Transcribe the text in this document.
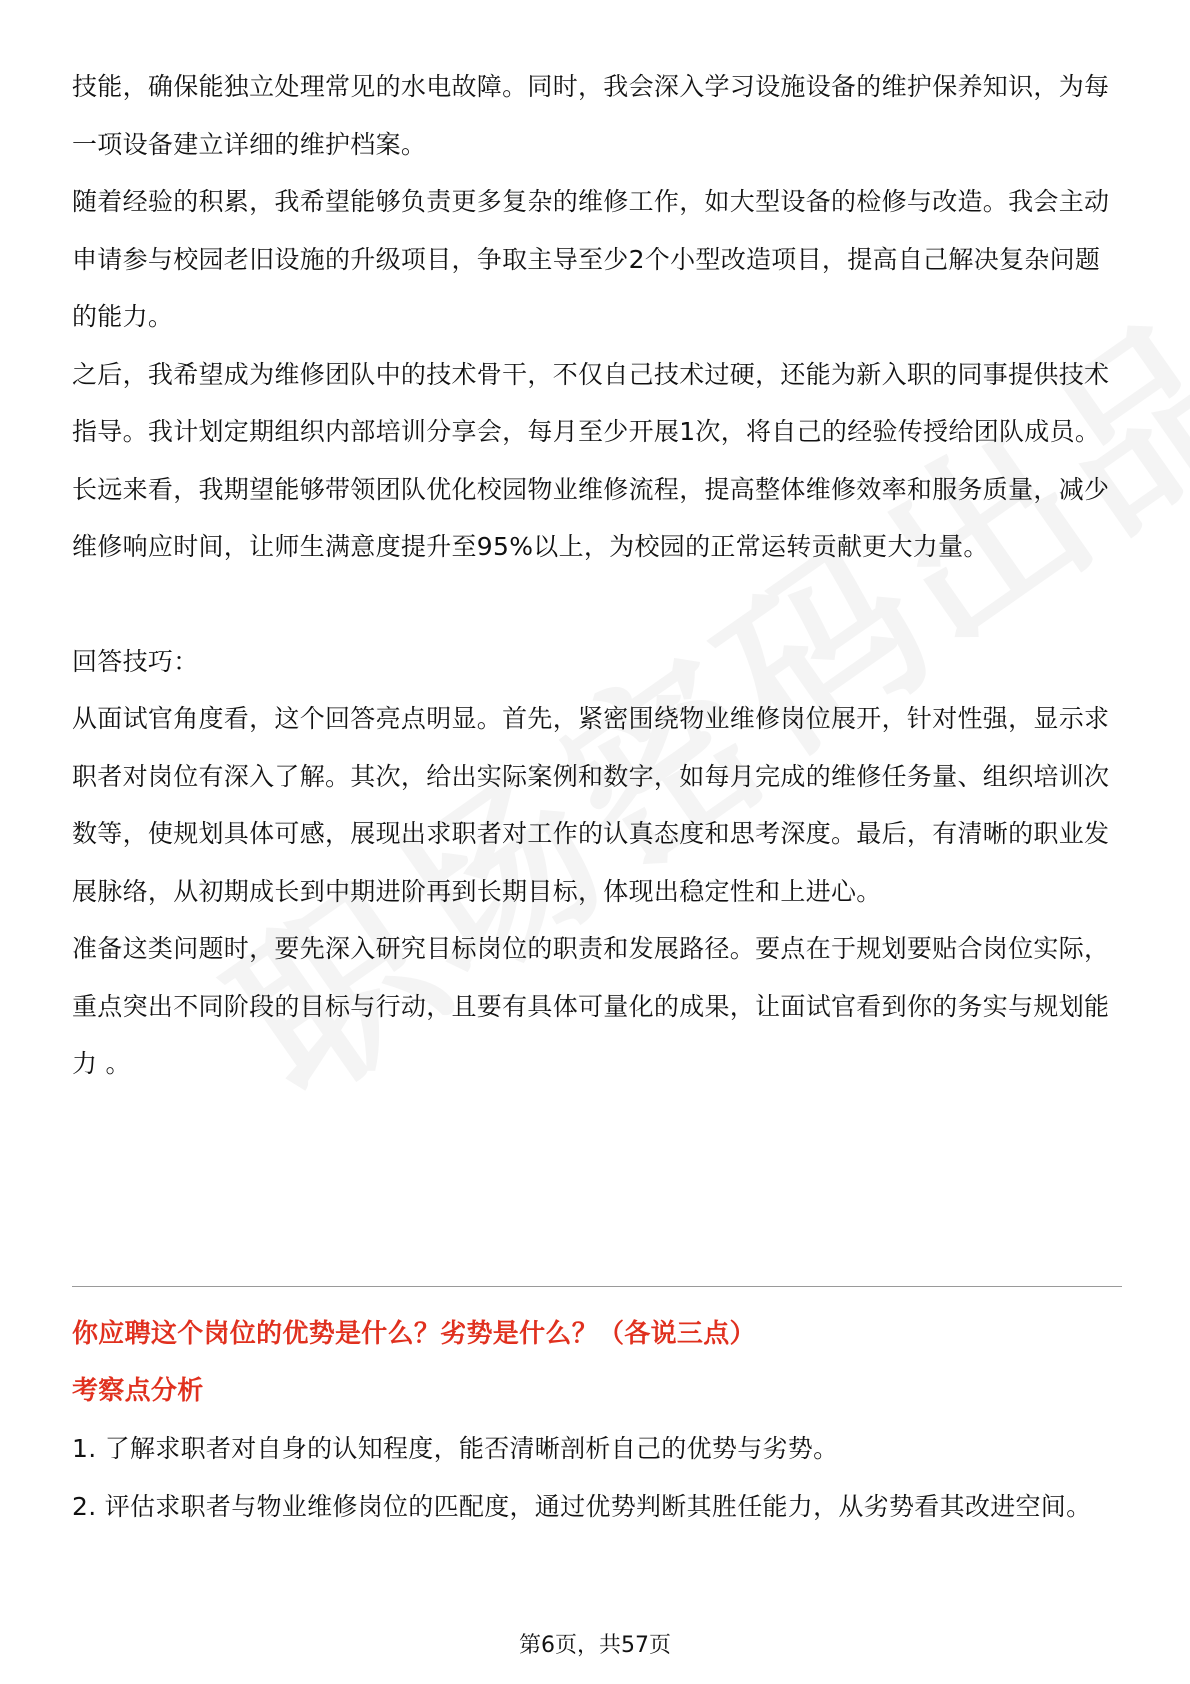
技能，确保能独立处理常见的水电故障。同时，我会深入学习设施设备的维护保养知识，为每一项设备建立详细的维护档案。

随着经验的积累，我希望能够负责更多复杂的维修工作，如大型设备的检修与改造。我会主动申请参与校园老旧设施的升级项目，争取主导至少2个小型改造项目，提高自己解决复杂问题的能力。

之后，我希望成为维修团队中的技术骨干，不仅自己技术过硬，还能为新入职的同事提供技术指导。我计划定期组织内部培训分享会，每月至少开展1次，将自己的经验传授给团队成员。

长远来看，我期望能够带领团队优化校园物业维修流程，提高整体维修效率和服务质量，减少维修响应时间，让师生满意度提升至95%以上，为校园的正常运转贡献更大力量。

回答技巧：

从面试官角度看，这个回答亮点明显。首先，紧密围绕物业维修岗位展开，针对性强，显示求职者对岗位有深入了解。其次，给出实际案例和数字，如每月完成的维修任务量、组织培训次数等，使规划具体可感，展现出求职者对工作的认真态度和思考深度。最后，有清晰的职业发展脉络，从初期成长到中期进阶再到长期目标，体现出稳定性和上进心。

准备这类问题时，要先深入研究目标岗位的职责和发展路径。要点在于规划要贴合岗位实际，重点突出不同阶段的目标与行动，且要有具体可量化的成果，让面试官看到你的务实与规划能力 。

你应聘这个岗位的优势是什么？劣势是什么？（各说三点）

考察点分析

1. 了解求职者对自身的认知程度，能否清晰剖析自己的优势与劣势。

2. 评估求职者与物业维修岗位的匹配度，通过优势判断其胜任能力，从劣势看其改进空间。

第6页，共57页
